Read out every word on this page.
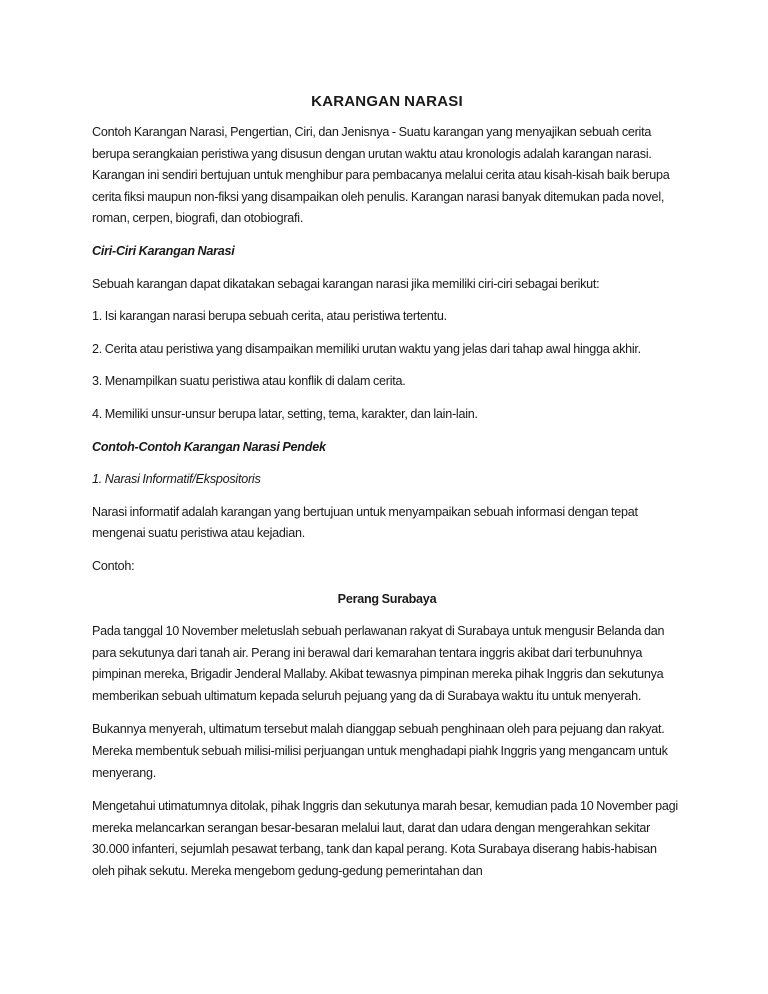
KARANGAN NARASI

Contoh Karangan Narasi, Pengertian, Ciri, dan Jenisnya - Suatu karangan yang menyajikan sebuah cerita berupa serangkaian peristiwa yang disusun dengan urutan waktu atau kronologis adalah karangan narasi. Karangan ini sendiri bertujuan untuk menghibur para pembacanya melalui cerita atau kisah-kisah baik berupa cerita fiksi maupun non-fiksi yang disampaikan oleh penulis. Karangan narasi banyak ditemukan pada novel, roman, cerpen, biografi, dan otobiografi.

Ciri-Ciri Karangan Narasi

Sebuah karangan dapat dikatakan sebagai karangan narasi jika memiliki ciri-ciri sebagai berikut:

1. Isi karangan narasi berupa sebuah cerita, atau peristiwa tertentu.

2. Cerita atau peristiwa yang disampaikan memiliki urutan waktu yang jelas dari tahap awal hingga akhir.

3. Menampilkan suatu peristiwa atau konflik di dalam cerita.

4. Memiliki unsur-unsur berupa latar, setting, tema, karakter, dan lain-lain.

Contoh-Contoh Karangan Narasi Pendek
1. Narasi Informatif/Ekspositoris

Narasi informatif adalah karangan yang bertujuan untuk menyampaikan sebuah informasi dengan tepat mengenai suatu peristiwa atau kejadian.

Contoh:

Perang Surabaya

Pada tanggal 10 November meletuslah sebuah perlawanan rakyat di Surabaya untuk mengusir Belanda dan para sekutunya dari tanah air. Perang ini berawal dari kemarahan tentara inggris akibat dari terbunuhnya pimpinan mereka, Brigadir Jenderal Mallaby. Akibat tewasnya pimpinan mereka pihak Inggris dan sekutunya memberikan sebuah ultimatum kepada seluruh pejuang yang da di Surabaya waktu itu untuk menyerah.

Bukannya menyerah, ultimatum tersebut malah dianggap sebuah penghinaan oleh para pejuang dan rakyat. Mereka membentuk sebuah milisi-milisi perjuangan untuk menghadapi piahk Inggris yang mengancam untuk menyerang.

Mengetahui utimatumnya ditolak, pihak Inggris dan sekutunya marah besar, kemudian pada 10 November pagi mereka melancarkan serangan besar-besaran melalui laut, darat dan udara dengan mengerahkan sekitar 30.000 infanteri, sejumlah pesawat terbang, tank dan kapal perang. Kota Surabaya diserang habis-habisan oleh pihak sekutu. Mereka mengebom gedung-gedung pemerintahan dan
